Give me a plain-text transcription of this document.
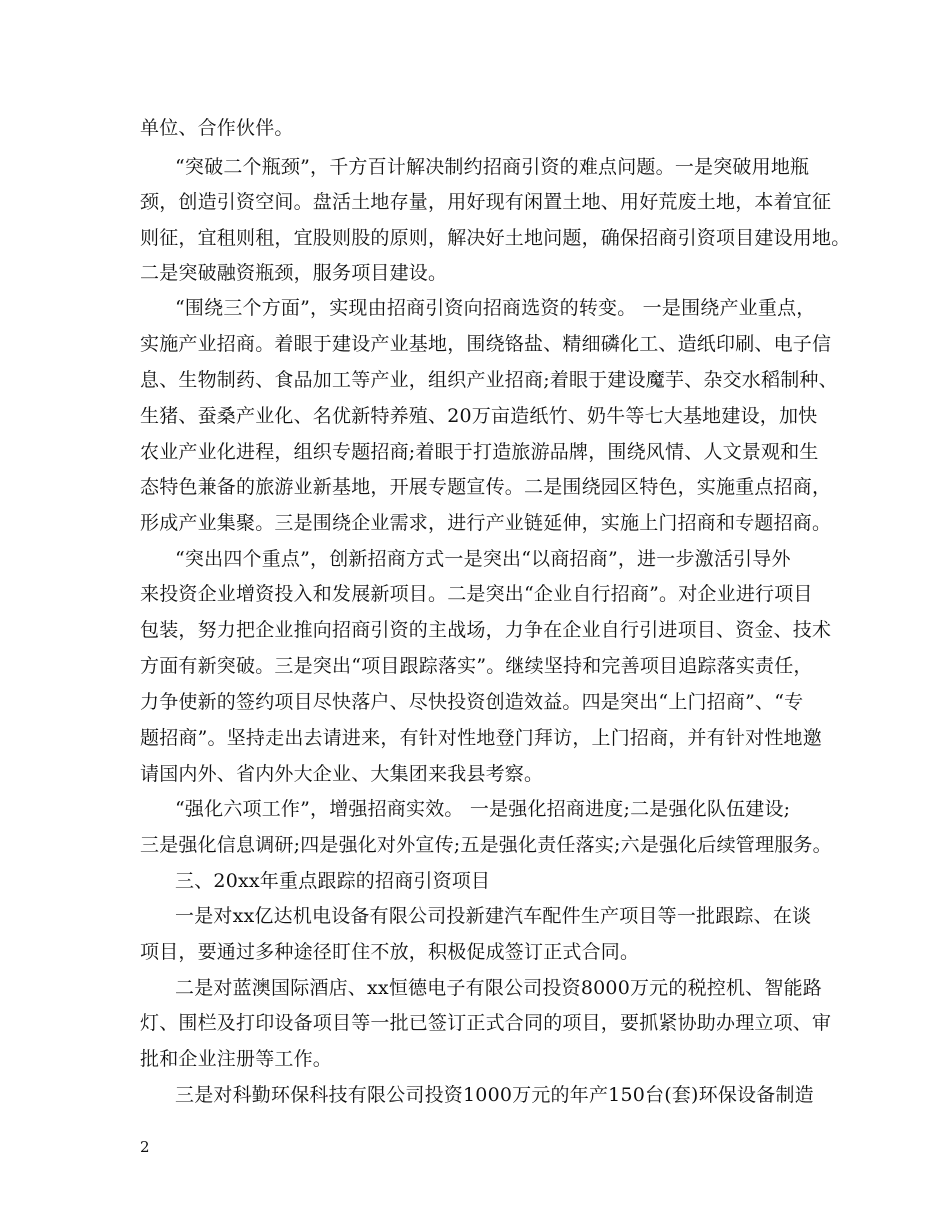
单位、合作伙伴。
“突破二个瓶颈”，千方百计解决制约招商引资的难点问题。一是突破用地瓶
颈，创造引资空间。盘活土地存量，用好现有闲置土地、用好荒废土地，本着宜征
则征，宜租则租，宜股则股的原则，解决好土地问题，确保招商引资项目建设用地。
二是突破融资瓶颈，服务项目建设。
“围绕三个方面”，实现由招商引资向招商选资的转变。 一是围绕产业重点，
实施产业招商。着眼于建设产业基地，围绕铬盐、精细磷化工、造纸印刷、电子信
息、生物制药、食品加工等产业，组织产业招商;着眼于建设魔芋、杂交水稻制种、
生猪、蚕桑产业化、名优新特养殖、20万亩造纸竹、奶牛等七大基地建设，加快
农业产业化进程，组织专题招商;着眼于打造旅游品牌，围绕风情、人文景观和生
态特色兼备的旅游业新基地，开展专题宣传。二是围绕园区特色，实施重点招商，
形成产业集聚。三是围绕企业需求，进行产业链延伸，实施上门招商和专题招商。
“突出四个重点”，创新招商方式一是突出“以商招商”，进一步激活引导外
来投资企业增资投入和发展新项目。二是突出“企业自行招商”。对企业进行项目
包装，努力把企业推向招商引资的主战场，力争在企业自行引进项目、资金、技术
方面有新突破。三是突出“项目跟踪落实”。继续坚持和完善项目追踪落实责任，
力争使新的签约项目尽快落户、尽快投资创造效益。四是突出“上门招商”、“专
题招商”。坚持走出去请进来，有针对性地登门拜访，上门招商，并有针对性地邀
请国内外、省内外大企业、大集团来我县考察。
“强化六项工作”，增强招商实效。 一是强化招商进度;二是强化队伍建设;
三是强化信息调研;四是强化对外宣传;五是强化责任落实;六是强化后续管理服务。
三、20xx年重点跟踪的招商引资项目
一是对xx亿达机电设备有限公司投新建汽车配件生产项目等一批跟踪、在谈
项目，要通过多种途径盯住不放，积极促成签订正式合同。
二是对蓝澳国际酒店、xx恒德电子有限公司投资8000万元的税控机、智能路
灯、围栏及打印设备项目等一批已签订正式合同的项目，要抓紧协助办理立项、审
批和企业注册等工作。
三是对科勤环保科技有限公司投资1000万元的年产150台(套)环保设备制造
2
